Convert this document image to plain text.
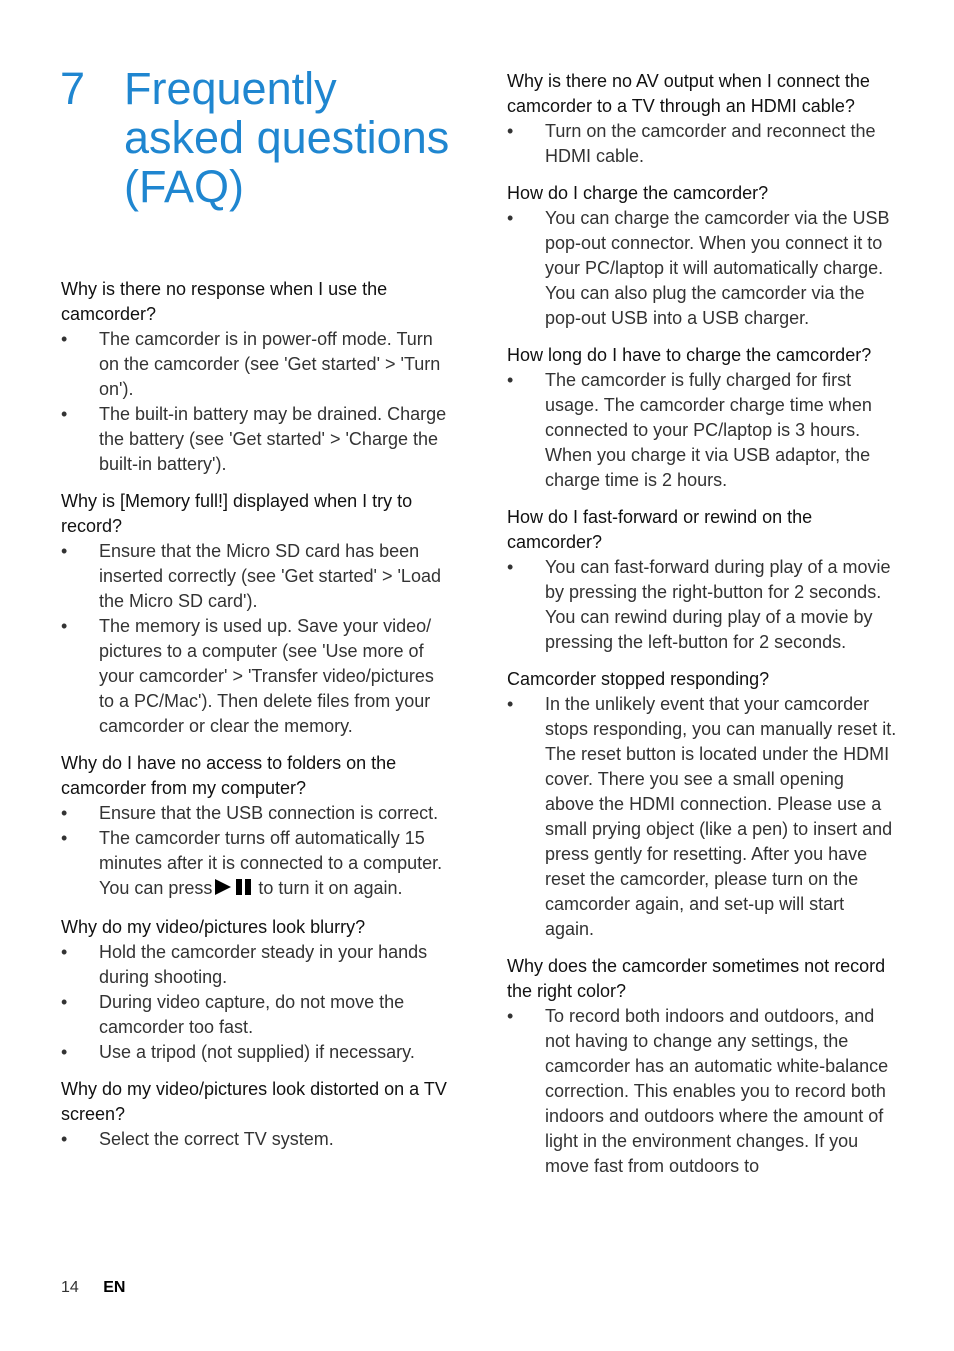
7 Frequently asked questions (FAQ)

Why is there no response when I use the camcorder?

• The camcorder is in power-off mode. Turn on the camcorder (see 'Get started' > 'Turn on').
• The built-in battery may be drained. Charge the battery (see 'Get started' > 'Charge the built-in battery').

Why is [Memory full!] displayed when I try to record?

• Ensure that the Micro SD card has been inserted correctly (see 'Get started' > 'Load the Micro SD card').
• The memory is used up. Save your video/ pictures to a computer (see 'Use more of your camcorder' > 'Transfer video/pictures to a PC/Mac'). Then delete files from your camcorder or clear the memory.

Why do I have no access to folders on the camcorder from my computer?

• Ensure that the USB connection is correct.
• The camcorder turns off automatically 15 minutes after it is connected to a computer. You can press	to turn it on again.

Why do my video/pictures look blurry?

• Hold the camcorder steady in your hands during shooting.
• During video capture, do not move the camcorder too fast.
• Use a tripod (not supplied) if necessary.

Why do my video/pictures look distorted on a TV screen?

• Select the correct TV system.

Why is there no AV output when I connect the camcorder to a TV through an HDMI cable?

• Turn on the camcorder and reconnect the HDMI cable.

How do I charge the camcorder?

• You can charge the camcorder via the USB pop-out connector. When you connect it to your PC/laptop it will automatically charge. You can also plug the camcorder via the pop-out USB into a USB charger.

How long do I have to charge the camcorder?

• The camcorder is fully charged for first usage. The camcorder charge time when connected to your PC/laptop is 3 hours. When you charge it via USB adaptor, the charge time is 2 hours.

How do I fast-forward or rewind on the camcorder?

• You can fast-forward during play of a movie by pressing the right-button for 2 seconds. You can rewind during play of a movie by pressing the left-button for 2 seconds.

Camcorder stopped responding?

• In the unlikely event that your camcorder stops responding, you can manually reset it. The reset button is located under the HDMI cover. There you see a small opening above the HDMI connection. Please use a small prying object (like a pen) to insert and press gently for resetting. After you have reset the camcorder, please turn on the camcorder again, and set-up will start again.

Why does the camcorder sometimes not record the right color?

• To record both indoors and outdoors, and not having to change any settings, the camcorder has an automatic white-balance correction. This enables you to record both indoors and outdoors where the amount of light in the environment changes. If you move fast from outdoors to
14 EN
